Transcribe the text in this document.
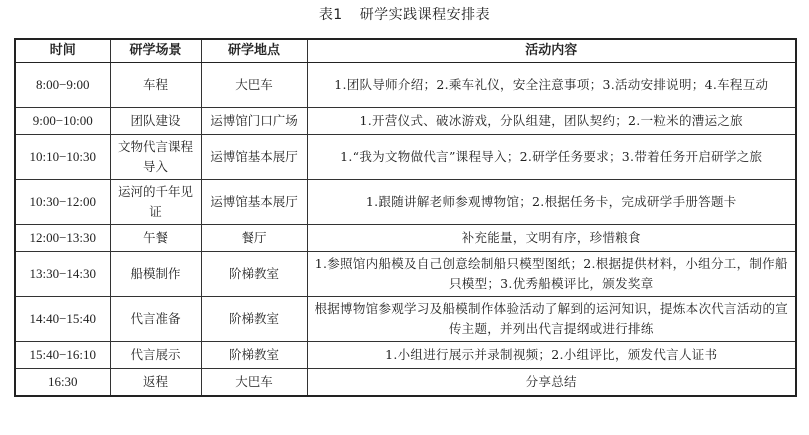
表1 研学实践课程安排表
时间	研学场景	研学地点	活动内容
8:00−9:00	车程	大巴车	1.团队导师介绍；2.乘车礼仪，安全注意事项；3.活动安排说明；4.车程互动
9:00−10:00	团队建设	运博馆门口广场	1.开营仪式、破冰游戏，分队组建，团队契约；2.一粒米的漕运之旅
10:10−10:30	文物代言课程导入	运博馆基本展厅	1.“我为文物做代言”课程导入；2.研学任务要求；3.带着任务开启研学之旅
10:30−12:00	运河的千年见证	运博馆基本展厅	1.跟随讲解老师参观博物馆；2.根据任务卡，完成研学手册答题卡
12:00−13:30	午餐	餐厅	补充能量，文明有序，珍惜粮食
13:30−14:30	船模制作	阶梯教室	1.参照馆内船模及自己创意绘制船只模型图纸；2.根据提供材料，小组分工，制作船只模型；3.优秀船模评比，颁发奖章
14:40−15:40	代言准备	阶梯教室	根据博物馆参观学习及船模制作体验活动了解到的运河知识，提炼本次代言活动的宣传主题，并列出代言提纲或进行排练
15:40−16:10	代言展示	阶梯教室	1.小组进行展示并录制视频；2.小组评比，颁发代言人证书
16:30	返程	大巴车	分享总结
